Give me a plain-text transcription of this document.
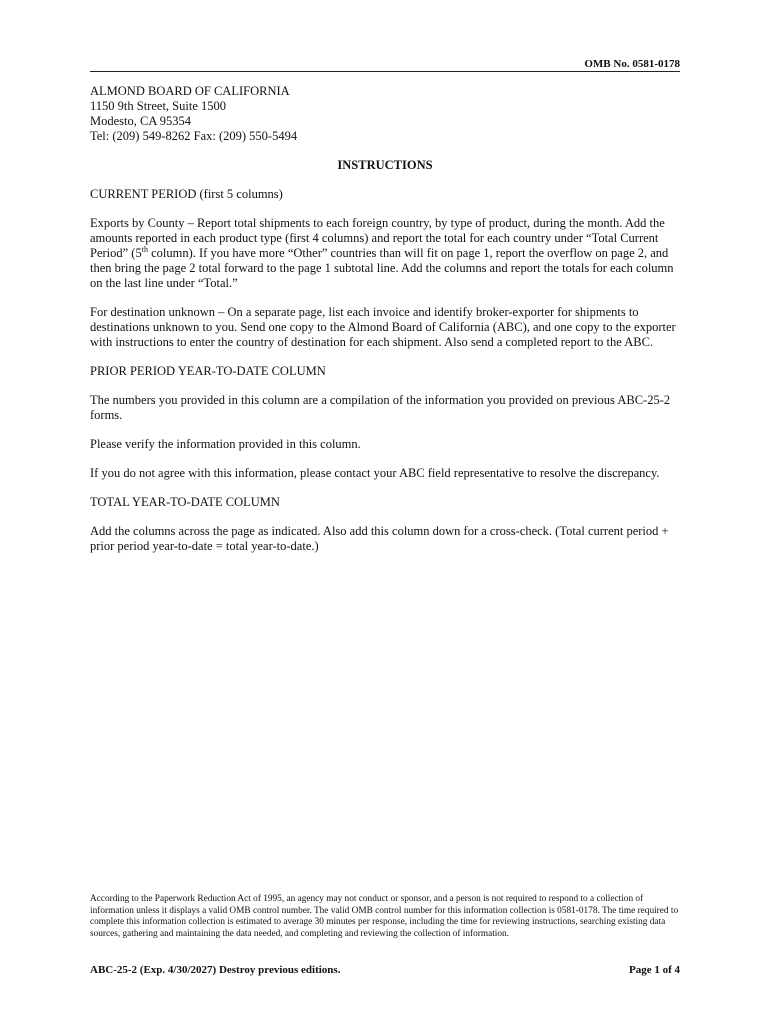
OMB No. 0581-0178
ALMOND BOARD OF CALIFORNIA
1150 9th Street, Suite 1500
Modesto, CA 95354
Tel: (209) 549-8262 Fax: (209) 550-5494
INSTRUCTIONS
CURRENT PERIOD (first 5 columns)

Exports by County – Report total shipments to each foreign country, by type of product, during the month. Add the amounts reported in each product type (first 4 columns) and report the total for each country under “Total Current Period” (5th column). If you have more “Other” countries than will fit on page 1, report the overflow on page 2, and then bring the page 2 total forward to the page 1 subtotal line. Add the columns and report the totals for each column on the last line under “Total.”

For destination unknown – On a separate page, list each invoice and identify broker-exporter for shipments to destinations unknown to you. Send one copy to the Almond Board of California (ABC), and one copy to the exporter with instructions to enter the country of destination for each shipment. Also send a completed report to the ABC.

PRIOR PERIOD YEAR-TO-DATE COLUMN

The numbers you provided in this column are a compilation of the information you provided on previous ABC-25-2 forms.

Please verify the information provided in this column.

If you do not agree with this information, please contact your ABC field representative to resolve the discrepancy.

TOTAL YEAR-TO-DATE COLUMN

Add the columns across the page as indicated. Also add this column down for a cross-check. (Total current period + prior period year-to-date = total year-to-date.)

According to the Paperwork Reduction Act of 1995, an agency may not conduct or sponsor, and a person is not required to respond to a collection of information unless it displays a valid OMB control number. The valid OMB control number for this information collection is 0581-0178. The time required to complete this information collection is estimated to average 30 minutes per response, including the time for reviewing instructions, searching existing data sources, gathering and maintaining the data needed, and completing and reviewing the collection of information.
ABC-25-2 (Exp. 4/30/2027) Destroy previous editions.	Page 1 of 4
